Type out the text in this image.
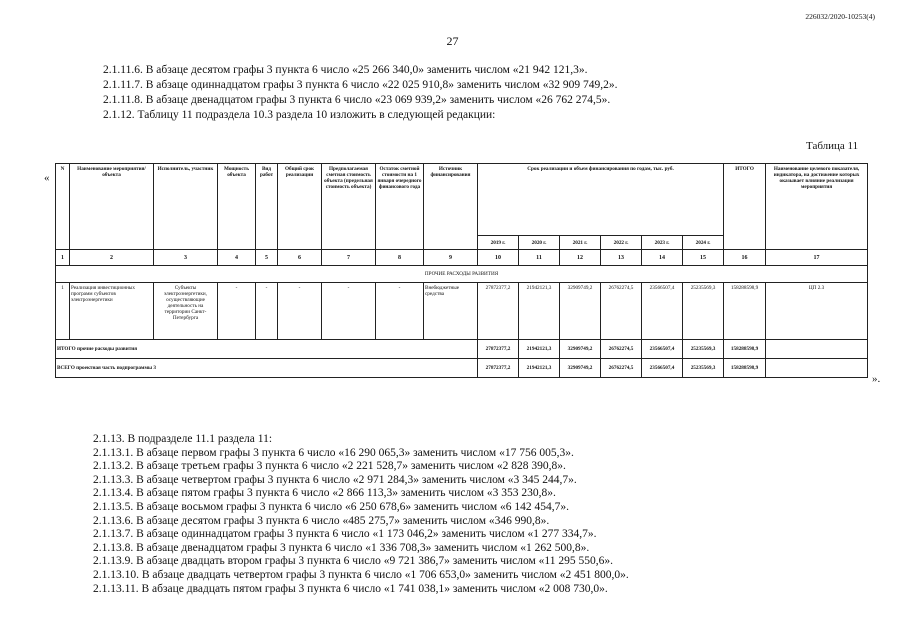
226032/2020-10253(4)
27
2.1.11.6. В абзаце десятом графы 3 пункта 6 число «25 266 340,0» заменить числом «21 942 121,3».
2.1.11.7. В абзаце одиннадцатом графы 3 пункта 6 число «22 025 910,8» заменить числом «32 909 749,2».
2.1.11.8. В абзаце двенадцатом графы 3 пункта 6 число «23 069 939,2» заменить числом «26 762 274,5».
2.1.12. Таблицу 11 подраздела 10.3 раздела 10 изложить в следующей редакции:
Таблица 11
«
N	Наименование мероприятия/объекта	Исполнитель, участник	Мощность объекта	Вид работ	Общий срок реализации	Предполагаемая сметная стоимость объекта (предельная стоимость объекта)	Остаток сметной стоимости на 1 января очередного финансового года	Источник финансирования	Срок реализации и объем финансирования по годам, тыс. руб.						ИТОГО	Наименование целевого показателя, индикатора, на достижение которых оказывает влияние реализация мероприятия
									2019 г.	2020 г.	2021 г.	2022 г.	2023 г.	2024 г.		
1	2	3	4	5	6	7	8	9	10	11	12	13	14	15	16	17
ПРОЧИЕ РАСХОДЫ РАЗВИТИЯ																
1	Реализация инвестиционных программ субъектов электроэнергетики	Субъекты электроэнергетики, осуществляющие деятельность на территории Санкт-Петербурга	-	-	-	-	-	Внебюджетные средства	27872377,2	21942121,3	32909749,2	26762274,5	23566507,4	25235569,3	158288598,9	ЦП 2.3
ИТОГО прочие расходы развития									27872377,2	21942121,3	32909749,2	26762274,5	23566507,4	25235569,3	158288598,9	
ВСЕГО проектная часть подпрограммы 3									27872377,2	21942121,3	32909749,2	26762274,5	23566507,4	25235569,3	158288598,9	
».
2.1.13. В подразделе 11.1 раздела 11:
2.1.13.1. В абзаце первом графы 3 пункта 6 число «16 290 065,3» заменить числом «17 756 005,3».
2.1.13.2. В абзаце третьем графы 3 пункта 6 число «2 221 528,7» заменить числом «2 828 390,8».
2.1.13.3. В абзаце четвертом графы 3 пункта 6 число «2 971 284,3» заменить числом «3 345 244,7».
2.1.13.4. В абзаце пятом графы 3 пункта 6 число «2 866 113,3» заменить числом «3 353 230,8».
2.1.13.5. В абзаце восьмом графы 3 пункта 6 число «6 250 678,6» заменить числом «6 142 454,7».
2.1.13.6. В абзаце десятом графы 3 пункта 6 число «485 275,7» заменить числом «346 990,8».
2.1.13.7. В абзаце одиннадцатом графы 3 пункта 6 число «1 173 046,2» заменить числом «1 277 334,7».
2.1.13.8. В абзаце двенадцатом графы 3 пункта 6 число «1 336 708,3» заменить числом «1 262 500,8».
2.1.13.9. В абзаце двадцать втором графы 3 пункта 6 число «9 721 386,7» заменить числом «11 295 550,6».
2.1.13.10. В абзаце двадцать четвертом графы 3 пункта 6 число «1 706 653,0» заменить числом «2 451 800,0».
2.1.13.11. В абзаце двадцать пятом графы 3 пункта 6 число «1 741 038,1» заменить числом «2 008 730,0».
